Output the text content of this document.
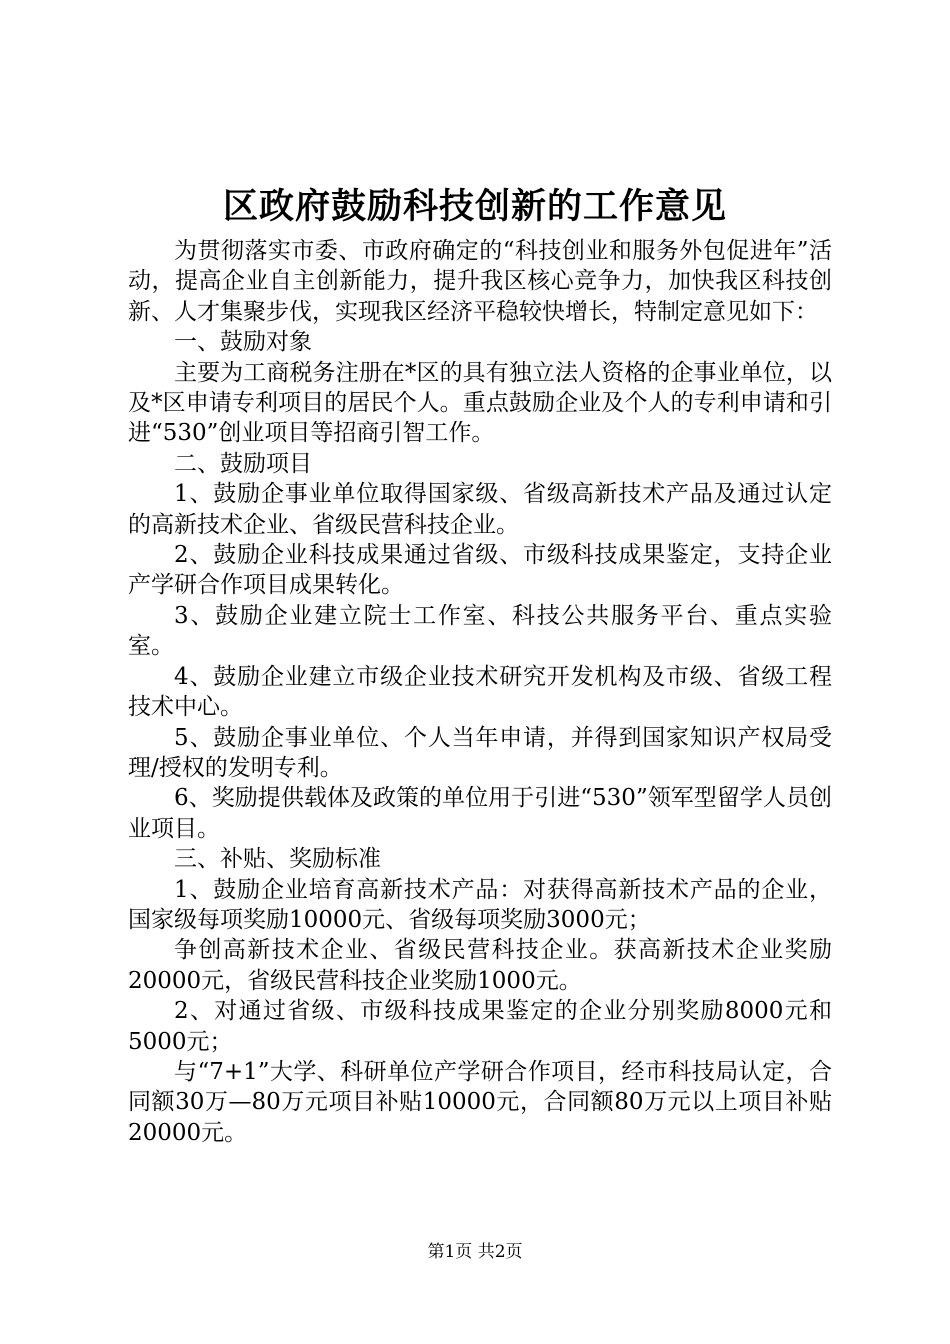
区政府鼓励科技创新的工作意见

为贯彻落实市委、市政府确定的“科技创业和服务外包促进年”活动，提高企业自主创新能力，提升我区核心竞争力，加快我区科技创新、人才集聚步伐，实现我区经济平稳较快增长，特制定意见如下：

一、鼓励对象

主要为工商税务注册在*区的具有独立法人资格的企事业单位，以及*区申请专利项目的居民个人。重点鼓励企业及个人的专利申请和引进“530”创业项目等招商引智工作。

二、鼓励项目

1、鼓励企事业单位取得国家级、省级高新技术产品及通过认定的高新技术企业、省级民营科技企业。

2、鼓励企业科技成果通过省级、市级科技成果鉴定，支持企业产学研合作项目成果转化。

3、鼓励企业建立院士工作室、科技公共服务平台、重点实验室。

4、鼓励企业建立市级企业技术研究开发机构及市级、省级工程技术中心。

5、鼓励企事业单位、个人当年申请，并得到国家知识产权局受理/授权的发明专利。

6、奖励提供载体及政策的单位用于引进“530”领军型留学人员创业项目。

三、补贴、奖励标准

1、鼓励企业培育高新技术产品：对获得高新技术产品的企业，国家级每项奖励10000元、省级每项奖励3000元；

争创高新技术企业、省级民营科技企业。获高新技术企业奖励20000元，省级民营科技企业奖励1000元。

2、对通过省级、市级科技成果鉴定的企业分别奖励8000元和5000元；

与“7+1”大学、科研单位产学研合作项目，经市科技局认定，合同额30万—80万元项目补贴10000元，合同额80万元以上项目补贴20000元。

第1页 共2页
